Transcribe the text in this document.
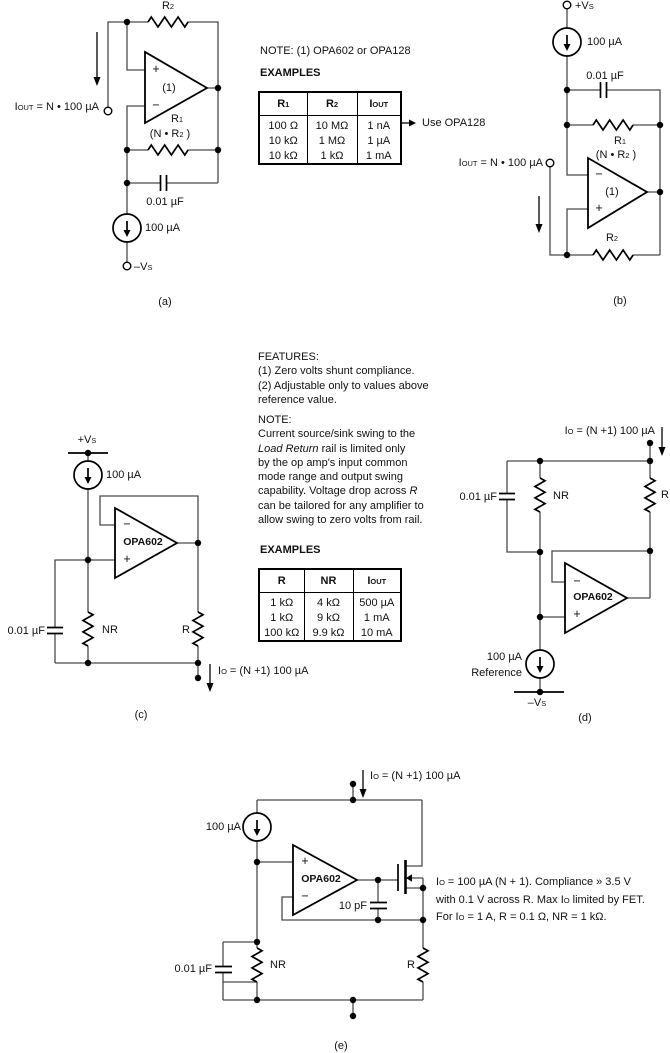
NOTE: (1) OPA602 or OPA128
EXAMPLES
Use OPA128
$R_1$	$R_2$	$I_{OUT}$
100 Ω	10 MΩ	1 nA
10 kΩ	1 MΩ	1 µA
10 kΩ	1 kΩ	1 mA
$R_2$
$I_{OUT} = N$ • 100 µA
+
(1)
−
$R_1$
(N • $R_2$ )
0.01 µF
100 µA
$-V_S$
(a)
$+V_S$
100 µA
0.01 µF
$R_1$
(N • $R_2$ )
$I_{OUT} = N$ • 100 µA
−
(1)
+
$R_2$
(b)
FEATURES:
(1) Zero volts shunt compliance.
(2) Adjustable only to values above
reference value.
NOTE:
Current source/sink swing to the
Load Return rail is limited only
by the op amp's input common
mode range and output swing
capability. Voltage drop across R
can be tailored for any amplifier to
allow swing to zero volts from rail.
EXAMPLES
R	NR	$I_{OUT}$
1 kΩ	4 kΩ	500 µA
1 kΩ	9 kΩ	1 mA
100 kΩ	9.9 kΩ	10 mA
$+V_S$
100 µA
−
OPA602
+
0.01 µF	NR	R
$I_O = (N +1)$ 100 µA
(c)
$I_O = (N +1)$ 100 µA
0.01 µF	NR	R
−
OPA602
+
100 µA
Reference
$-V_S$
(d)
$I_O = (N +1)$ 100 µA
100 µA
+
OPA602
−
10 pF
NR	R
0.01 µF
(e)
$I_O = 100$ µA (N + 1). Compliance » 3.5 V
with 0.1 V across R. Max $I_O$ limited by FET.
For $I_O = 1$ A, R = 0.1 Ω, NR = 1 kΩ.
